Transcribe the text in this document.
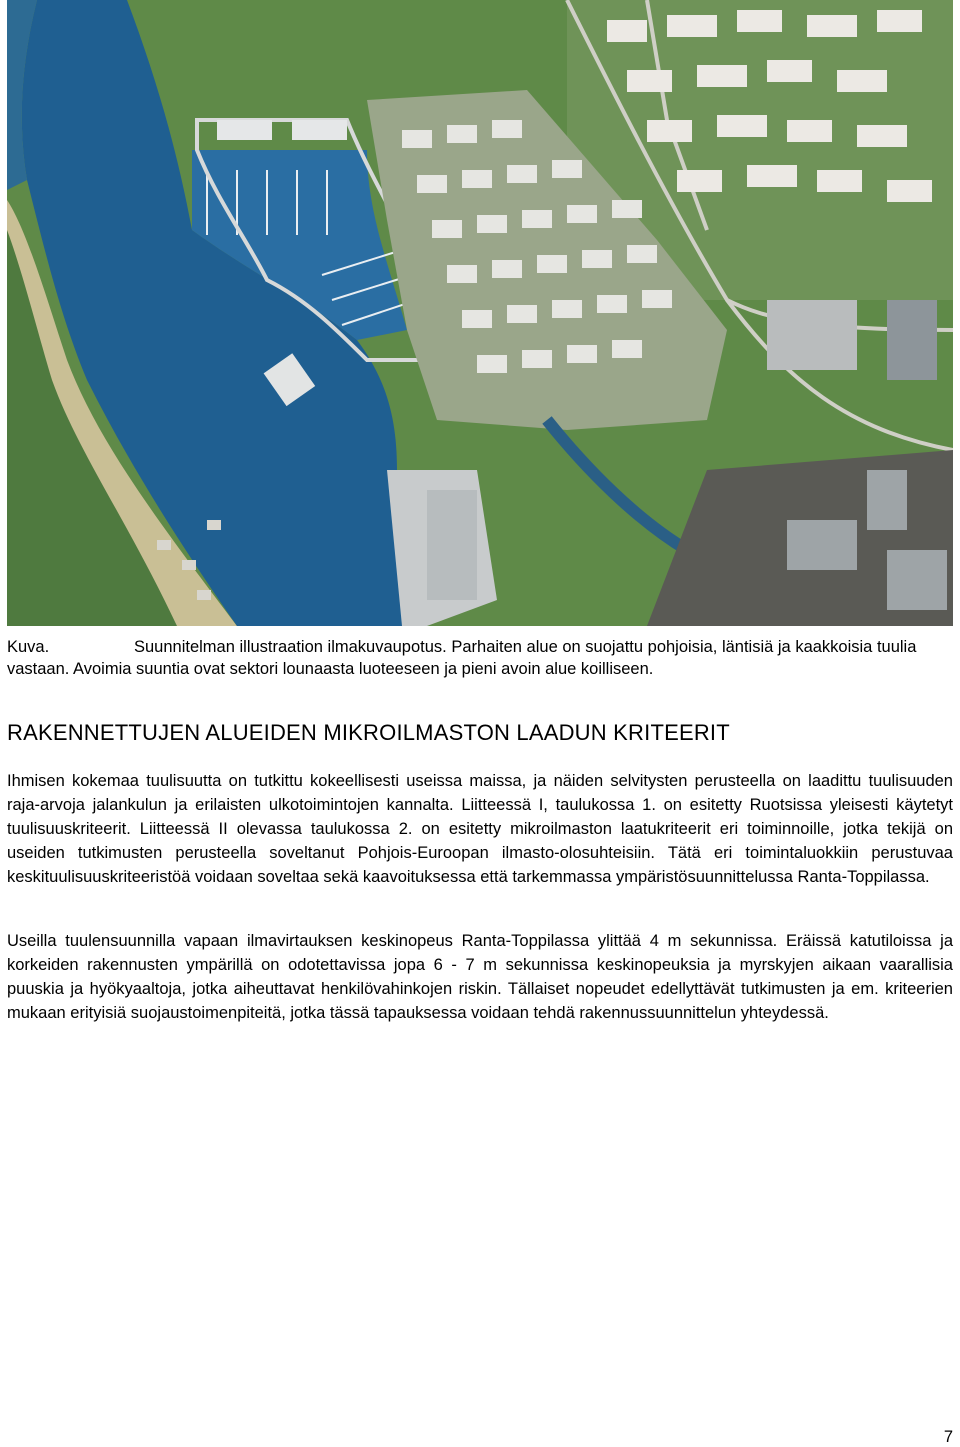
Kuva.	Suunnitelman illustraation ilmakuvaupotus. Parhaiten alue on suojattu pohjoisia, läntisiä ja kaakkoisia tuulia vastaan. Avoimia suuntia ovat sektori lounaasta luoteeseen ja pieni avoin alue koilliseen.
RAKENNETTUJEN ALUEIDEN MIKROILMASTON LAADUN KRITEERIT

Ihmisen kokemaa tuulisuutta on tutkittu kokeellisesti useissa maissa, ja näiden selvitysten perusteella on laadittu tuulisuuden raja-arvoja jalankulun ja erilaisten ulkotoimintojen kannalta. Liitteessä I, taulukossa 1. on esitetty Ruotsissa yleisesti käytetyt tuulisuuskriteerit. Liitteessä II olevassa taulukossa 2. on esitetty mikroilmaston laatukriteerit eri toiminnoille, jotka tekijä on useiden tutkimusten perusteella soveltanut Pohjois-Euroopan ilmasto-olosuhteisiin. Tätä eri toimintaluokkiin perustuvaa keskituulisuuskriteeristöä voidaan soveltaa sekä kaavoituksessa että tarkemmassa ympäristösuunnittelussa Ranta-Toppilassa.

Useilla tuulensuunnilla vapaan ilmavirtauksen keskinopeus Ranta-Toppilassa ylittää 4 m sekunnissa. Eräissä katutiloissa ja korkeiden rakennusten ympärillä on odotettavissa jopa 6 - 7 m sekunnissa keskinopeuksia ja myrskyjen aikaan vaarallisia puuskia ja hyökyaaltoja, jotka aiheuttavat henkilövahinkojen riskin. Tällaiset nopeudet edellyttävät tutkimusten ja em. kriteerien mukaan erityisiä suojaustoimenpiteitä, jotka tässä tapauksessa voidaan tehdä rakennussuunnittelun yhteydessä.

7
